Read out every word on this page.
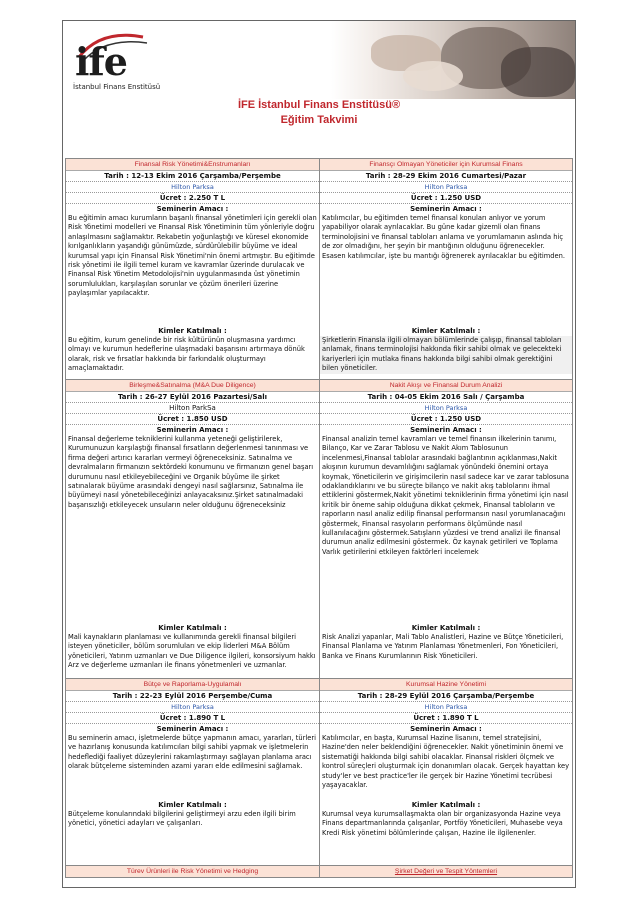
ife
İstanbul Finans Enstitüsü
İFE İstanbul Finans Enstitüsü®
Eğitim Takvimi
Finansal Risk Yönetimi&Enstrumanları
Tarih : 12-13 Ekim 2016 Çarşamba/Perşembe
Hilton Parksa
Ücret : 2.250 T L
Seminerin Amacı :
Bu eğitimin amacı kurumların başarılı finansal yönetimleri için gerekli olan Risk Yönetimi modelleri ve Finansal Risk Yönetiminin tüm yönleriyle doğru anlaşılmasını sağlamaktır. Rekabetin yoğunlaştığı ve küresel ekonomide kırılganlıkların yaşandığı günümüzde, sürdürülebilir büyüme ve ideal kurumsal yapı için Finansal Risk Yönetimi'nin önemi artmıştır. Bu eğitimde risk yönetimi ile ilgili temel kuram ve kavramlar üzerinde durulacak ve Finansal Risk Yönetim Metodolojisi'nin uygulanmasında üst yönetimin sorumlulukları, karşılaşılan sorunlar ve çözüm önerileri üzerine paylaşımlar yapılacaktır.
Kimler Katılmalı :
Bu eğitim, kurum genelinde bir risk kültürünün oluşmasına yardımcı olmayı ve kurumun hedeflerine ulaşmadaki başarısını artırmaya dönük olarak, risk ve fırsatlar hakkında bir farkındalık oluşturmayı amaçlamaktadır.
Finansçı Olmayan Yöneticiler için Kurumsal Finans
Tarih : 28-29 Ekim 2016 Cumartesi/Pazar
Hilton Parksa
Ücret : 1.250 USD
Seminerin Amacı :
Katılımcılar, bu eğitimden temel finansal konuları anlıyor ve yorum yapabiliyor olarak ayrılacaklar. Bu güne kadar gizemli olan finans terminolojisini ve finansal tabloları anlama ve yorumlamanın aslında hiç de zor olmadığını, her şeyin bir mantığının olduğunu öğrenecekler. Esasen katılımcılar, işte bu mantığı öğrenerek ayrılacaklar bu eğitimden.
Kimler Katılmalı :
Şirketlerin Finansla ilgili olmayan bölümlerinde çalışıp, finansal tabloları anlamak, finans terminolojisi hakkında fikir sahibi olmak ve gelecekteki kariyerleri için mutlaka finans hakkında bilgi sahibi olmak gerektiğini bilen yöneticiler.
Birleşme&Satınalma (M&A Due Diligence)
Tarih : 26-27 Eylül 2016 Pazartesi/Salı
Hilton ParkSa
Ücret : 1.850 USD
Seminerin Amacı :
Finansal değerleme tekniklerini kullanma yeteneği geliştirilerek, Kurumunuzun karşılaştığı finansal fırsatların değerlenmesi tanınması ve firma değeri artırıcı kararları vermeyi öğreneceksiniz. Satınalma ve devralmaların firmanızın sektördeki konumunu ve firmanızın genel başarı durumunu nasıl etkileyebileceğini ve Organik büyüme ile şirket satınalarak büyüme arasındaki dengeyi nasıl sağlarsınız, Satınalma ile büyümeyi nasıl yönetebileceğinizi anlayacaksınız.Şirket satınalmadaki başarısızlığı etkileyecek unsuların neler olduğunu öğreneceksiniz
Kimler Katılmalı :
Mali kaynakların planlaması ve kullanımında gerekli finansal bilgileri isteyen yöneticiler, bölüm sorumluları ve ekip liderleri M&A Bölüm yöneticileri, Yatırım uzmanları ve Due Diligence ilgileri, konsorsiyum hakkı Arz ve değerleme uzmanları ile finans yönetmenleri ve uzmanlar.
Nakit Akışı ve Finansal Durum Analizi
Tarih : 04-05 Ekim 2016 Salı / Çarşamba
Hilton Parksa
Ücret : 1.250 USD
Seminerin Amacı :
Finansal analizin temel kavramları ve temel finansın ilkelerinin tanımı, Bilanço, Kar ve Zarar Tablosu ve Nakit Akım Tablosunun incelenmesi,Finansal tablolar arasındaki bağlantının açıklanması,Nakit akışının kurumun devamlılığını sağlamak yönündeki önemini ortaya koymak, Yöneticilerin ve girişimcilerin nasıl sadece kar ve zarar tablosuna odaklandıklarını ve bu süreçte bilanço ve nakit akış tablolarını ihmal ettiklerini göstermek,Nakit yönetimi tekniklerinin firma yönetimi için nasıl kritik bir öneme sahip olduğuna dikkat çekmek, Finansal tabloların ve raporların nasıl analiz edilip finansal performansın nasıl yorumlanacağını göstermek, Finansal rasyoların performans ölçümünde nasıl kullanılacağını göstermek.Satışların yüzdesi ve trend analizi ile finansal durumun analiz edilmesini göstermek. Öz kaynak getirileri ve Toplama Varlık getirilerini etkileyen faktörleri incelemek
Kimler Katılmalı :
Risk Analizi yapanlar, Mali Tablo Analistleri, Hazine ve Bütçe Yöneticileri, Finansal Planlama ve Yatırım Planlaması Yönetmenleri, Fon Yöneticileri, Banka ve Finans Kurumlarının Risk Yöneticileri.
Bütçe ve Raporlama-Uygulamalı
Tarih : 22-23 Eylül 2016 Perşembe/Cuma
Hilton Parksa
Ücret : 1.890 T L
Seminerin Amacı :
Bu seminerin amacı, işletmelerde bütçe yapmanın amacı, yararları, türleri ve hazırlanış konusunda katılımcıları bilgi sahibi yapmak ve işletmelerin hedeflediği faaliyet düzeylerini rakamlaştırmayı sağlayan planlama aracı olarak bütçeleme sisteminden azami yararı elde edilmesini sağlamak.
Kimler Katılmalı :
Bütçeleme konularındaki bilgilerini geliştirmeyi arzu eden ilgili birim yönetici, yönetici adayları ve çalışanları.
Kurumsal Hazine Yönetimi
Tarih : 28-29 Eylül 2016 Çarşamba/Perşembe
Hilton Parksa
Ücret : 1.890 T L
Seminerin Amacı :
Katılımcılar, en başta, Kurumsal Hazine lisanını, temel stratejisini, Hazine'den neler beklendiğini öğrenecekler. Nakit yönetiminin önemi ve sistematiği hakkında bilgi sahibi olacaklar. Finansal riskleri ölçmek ve kontrol süreçleri oluşturmak için donanımları olacak. Gerçek hayattan key study'ler ve best practice'ler ile gerçek bir Hazine Yönetimi tecrübesi yaşayacaklar.
Kimler Katılmalı :
Kurumsal veya kurumsallaşmakta olan bir organizasyonda Hazine veya Finans departmanlarında çalışanlar, Portföy Yöneticileri, Muhasebe veya Kredi Risk yönetimi bölümlerinde çalışan, Hazine ile ilgilenenler.
Türev Ürünleri ile Risk Yönetimi ve Hedging	Şirket Değeri ve Tespit Yöntemleri
